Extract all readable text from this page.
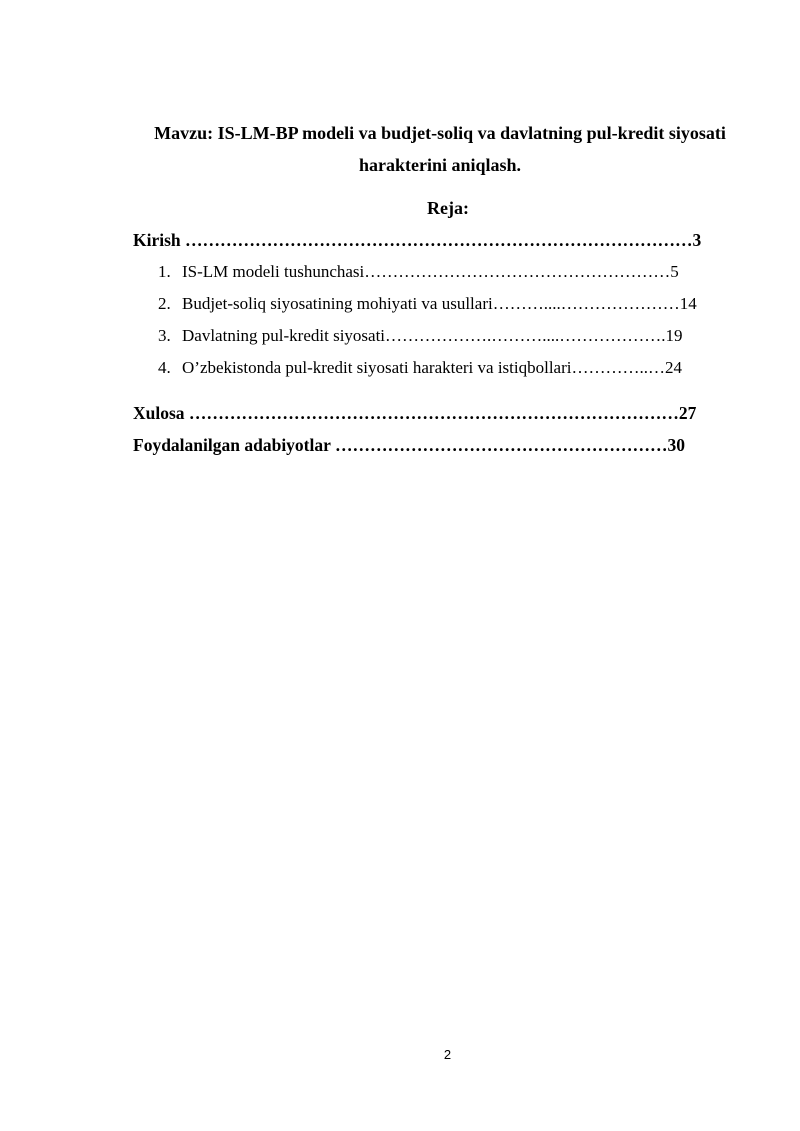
Mavzu: IS-LM-BP modeli va budjet-soliq va davlatning pul-kredit siyosati
harakterini aniqlash.
Reja:
Kirish ……………………………………………………………………………3
1. IS-LM modeli tushunchasi………………………………………………5
2. Budjet-soliq siyosatining mohiyati va usullari………....…………………14
3. Davlatning pul-kredit siyosati……………….………....……………….19
4. O’zbekistonda pul-kredit siyosati harakteri va istiqbollari…………..…24
Xulosa …………………………………………………………………………27
Foydalanilgan adabiyotlar …………………………………………………30
2
